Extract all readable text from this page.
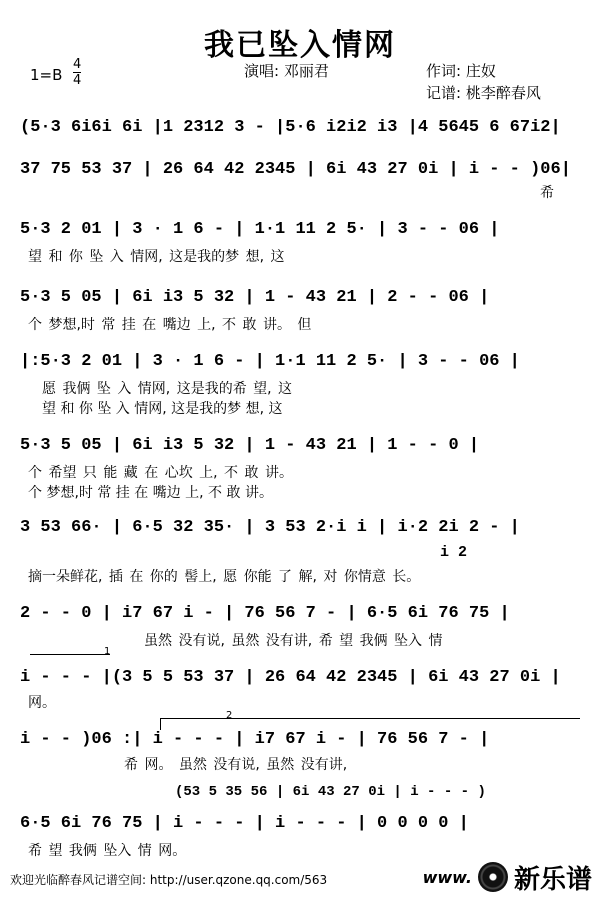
我已坠入情网
演唱: 邓丽君	作词: 庄奴
记谱: 桃李醉春风
1=B
4
4
(5·3 6i6i 6i |1 2312 3 - |5·6 i2i2 i3 |4 5645 6 67i2|
37 75 53 37 | 26 64 42 2345 | 6i 43 27 0i | i - - )06|
希
5·3 2 01 | 3 · 1 6 - | 1·1 11 2 5· | 3 - - 06 |
望 和 你 坠 入 情网, 这是我的梦 想, 这
5·3 5 05 | 6i i3 5 32 | 1 - 43 21 | 2 - - 06 |
个 梦想,时 常 挂 在 嘴边 上, 不 敢 讲。 但
|:5·3 2 01 | 3 · 1 6 - | 1·1 11 2 5· | 3 - - 06 |
愿 我俩 坠 入 情网, 这是我的希 望, 这
望 和 你 坠 入 情网, 这是我的梦 想, 这
5·3 5 05 | 6i i3 5 32 | 1 - 43 21 | 1 - - 0 |
个 希望 只 能 藏 在 心坎 上, 不 敢 讲。
个 梦想,时 常 挂 在 嘴边 上, 不 敢 讲。
3 53 66· | 6·5 32 35· | 3 53 2·i i | i·2 2i 2 - |
i 2
摘一朵鲜花, 插 在 你的 髻上, 愿 你能 了 解, 对 你情意 长。
2 - - 0 | i7 67 i - | 76 56 7 - | 6·5 6i 76 75 |
虽然 没有说, 虽然 没有讲, 希 望 我俩 坠入 情
1
i - - - |(3 5 5 53 37 | 26 64 42 2345 | 6i 43 27 0i |
网。
2
i - - )06 :| i - - - | i7 67 i - | 76 56 7 - |
希 网。 虽然 没有说, 虽然 没有讲,
(53 5 35 56 | 6i 43 27 0i | i - - - )
6·5 6i 76 75 | i - - - | i - - - | 0 0 0 0 |
希 望 我俩 坠入 情 网。
欢迎光临醉春风记谱空间: http://user.qzone.qq.com/563	www. 新乐谱
